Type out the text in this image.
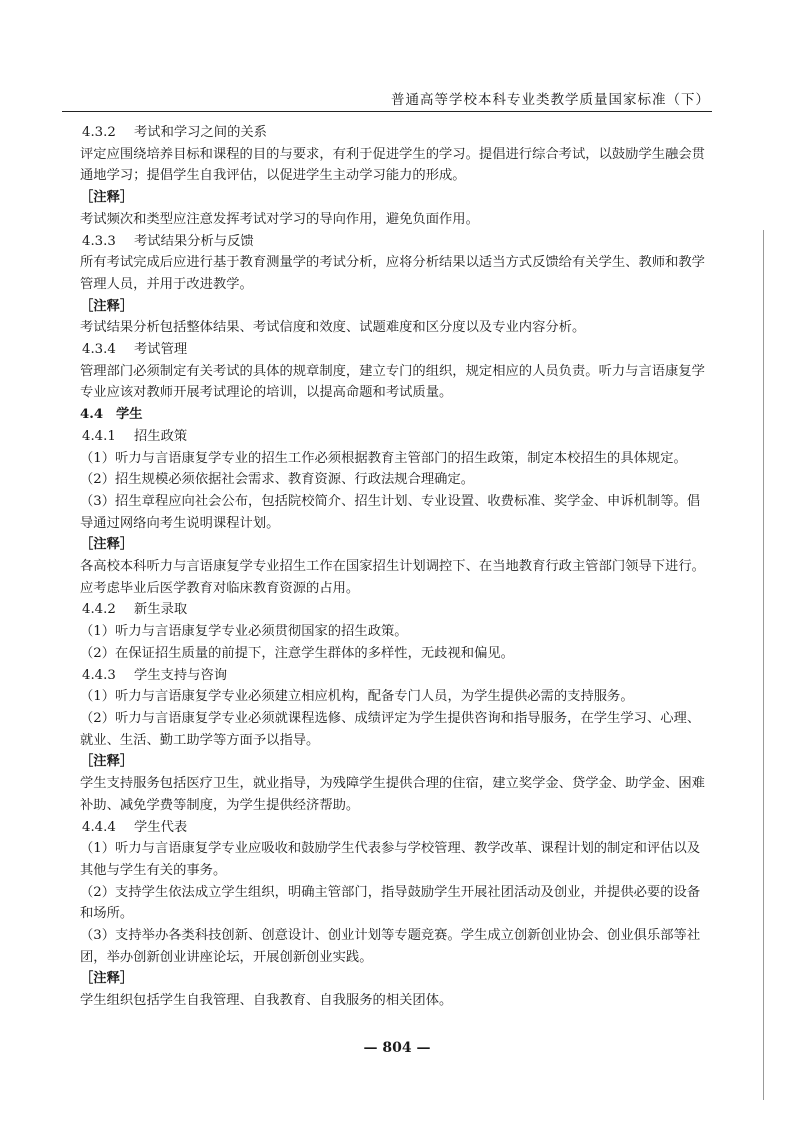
普通高等学校本科专业类教学质量国家标准（下）

4.3.2 考试和学习之间的关系

评定应围绕培养目标和课程的目的与要求，有利于促进学生的学习。提倡进行综合考试，以鼓励学生融会贯通地学习；提倡学生自我评估，以促进学生主动学习能力的形成。

［注释］

考试频次和类型应注意发挥考试对学习的导向作用，避免负面作用。

4.3.3 考试结果分析与反馈

所有考试完成后应进行基于教育测量学的考试分析，应将分析结果以适当方式反馈给有关学生、教师和教学管理人员，并用于改进教学。

［注释］

考试结果分析包括整体结果、考试信度和效度、试题难度和区分度以及专业内容分析。

4.3.4 考试管理

管理部门必须制定有关考试的具体的规章制度，建立专门的组织，规定相应的人员负责。听力与言语康复学专业应该对教师开展考试理论的培训，以提高命题和考试质量。

4.4 学生

4.4.1 招生政策

（1）听力与言语康复学专业的招生工作必须根据教育主管部门的招生政策，制定本校招生的具体规定。

（2）招生规模必须依据社会需求、教育资源、行政法规合理确定。

（3）招生章程应向社会公布，包括院校简介、招生计划、专业设置、收费标准、奖学金、申诉机制等。倡导通过网络向考生说明课程计划。

［注释］

各高校本科听力与言语康复学专业招生工作在国家招生计划调控下、在当地教育行政主管部门领导下进行。应考虑毕业后医学教育对临床教育资源的占用。

4.4.2 新生录取

（1）听力与言语康复学专业必须贯彻国家的招生政策。

（2）在保证招生质量的前提下，注意学生群体的多样性，无歧视和偏见。

4.4.3 学生支持与咨询

（1）听力与言语康复学专业必须建立相应机构，配备专门人员，为学生提供必需的支持服务。

（2）听力与言语康复学专业必须就课程选修、成绩评定为学生提供咨询和指导服务，在学生学习、心理、就业、生活、勤工助学等方面予以指导。

［注释］

学生支持服务包括医疗卫生，就业指导，为残障学生提供合理的住宿，建立奖学金、贷学金、助学金、困难补助、减免学费等制度，为学生提供经济帮助。

4.4.4 学生代表

（1）听力与言语康复学专业应吸收和鼓励学生代表参与学校管理、教学改革、课程计划的制定和评估以及其他与学生有关的事务。

（2）支持学生依法成立学生组织，明确主管部门，指导鼓励学生开展社团活动及创业，并提供必要的设备和场所。

（3）支持举办各类科技创新、创意设计、创业计划等专题竞赛。学生成立创新创业协会、创业俱乐部等社团，举办创新创业讲座论坛，开展创新创业实践。

［注释］

学生组织包括学生自我管理、自我教育、自我服务的相关团体。

— 804 —
